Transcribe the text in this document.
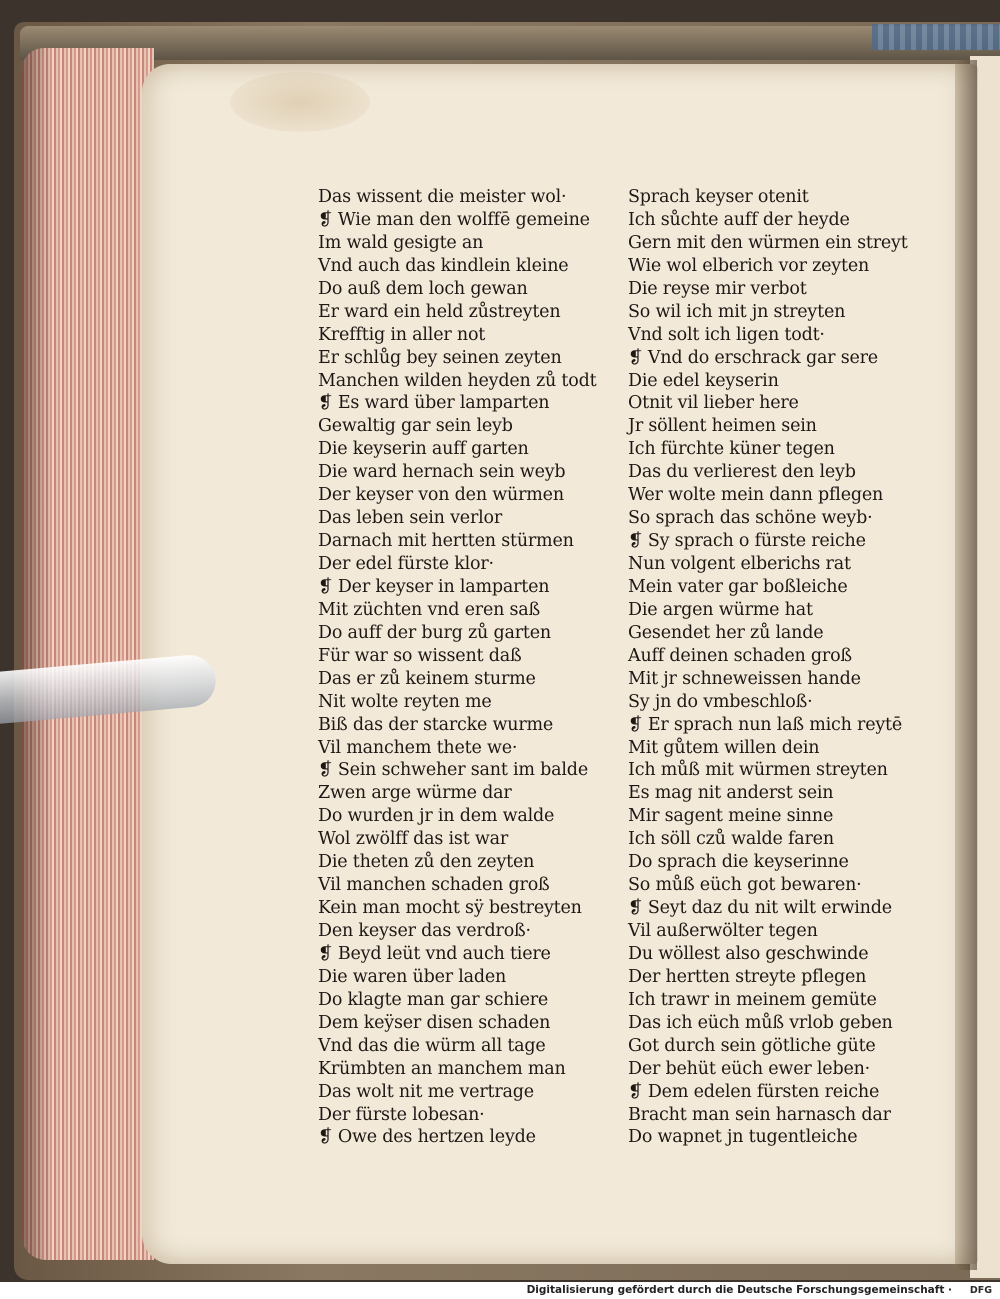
Das wissent die meister wol·
❡ Wie man den wolffē gemeine
Im wald gesigte an
Vnd auch das kindlein kleine
Do auß dem loch gewan
Er ward ein held zůstreyten
Krefftig in aller not
Er schlůg bey seinen zeyten
Manchen wilden heyden zů todt
❡ Es ward über lamparten
Gewaltig gar sein leyb
Die keyserin auff garten
Die ward hernach sein weyb
Der keyser von den würmen
Das leben sein verlor
Darnach mit hertten stürmen
Der edel fürste klor·
❡ Der keyser in lamparten
Mit züchten vnd eren saß
Do auff der burg zů garten
Für war so wissent daß
Das er zů keinem sturme
Nit wolte reyten me
Biß das der starcke wurme
Vil manchem thete we·
❡ Sein schweher sant im balde
Zwen arge würme dar
Do wurden jr in dem walde
Wol zwölff das ist war
Die theten zů den zeyten
Vil manchen schaden groß
Kein man mocht sÿ bestreyten
Den keyser das verdroß·
❡ Beyd leüt vnd auch tiere
Die waren über laden
Do klagte man gar schiere
Dem keÿser disen schaden
Vnd das die würm all tage
Krümbten an manchem man
Das wolt nit me vertrage
Der fürste lobesan·
❡ Owe des hertzen leyde
Sprach keyser otenit
Ich sůchte auff der heyde
Gern mit den würmen ein streyt
Wie wol elberich vor zeyten
Die reyse mir verbot
So wil ich mit jn streyten
Vnd solt ich ligen todt·
❡ Vnd do erschrack gar sere
Die edel keyserin
Otnit vil lieber here
Jr söllent heimen sein
Ich fürchte küner tegen
Das du verlierest den leyb
Wer wolte mein dann pflegen
So sprach das schöne weyb·
❡ Sy sprach o fürste reiche
Nun volgent elberichs rat
Mein vater gar boßleiche
Die argen würme hat
Gesendet her zů lande
Auff deinen schaden groß
Mit jr schneweissen hande
Sy jn do vmbeschloß·
❡ Er sprach nun laß mich reytē
Mit gůtem willen dein
Ich můß mit würmen streyten
Es mag nit anderst sein
Mir sagent meine sinne
Ich söll czů walde faren
Do sprach die keyserinne
So můß eüch got bewaren·
❡ Seyt daz du nit wilt erwinde
Vil außerwölter tegen
Du wöllest also geschwinde
Der hertten streyte pflegen
Ich trawr in meinem gemüte
Das ich eüch můß vrlob geben
Got durch sein götliche güte
Der behüt eüch ewer leben·
❡ Dem edelen fürsten reiche
Bracht man sein harnasch dar
Do wapnet jn tugentleiche
Digitalisierung gefördert durch die Deutsche Forschungsgemeinschaft · DFG
